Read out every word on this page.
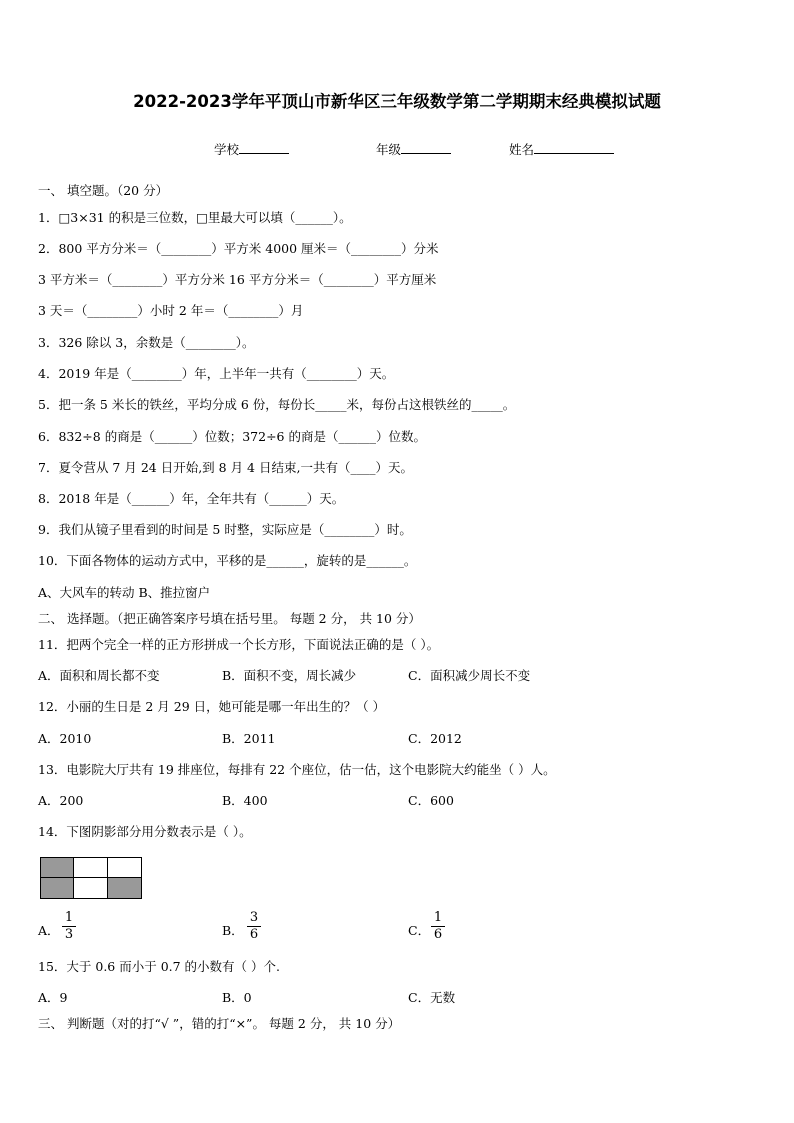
2022-2023学年平顶山市新华区三年级数学第二学期期末经典模拟试题
学校	年级	姓名
一、 填空题。（20 分）
1．□3×31 的积是三位数，□里最大可以填（______）。
2．800 平方分米＝（________）平方米 4000 厘米＝（________）分米
3 平方米＝（________）平方分米 16 平方分米＝（________）平方厘米
3 天＝（________）小时 2 年＝（________）月
3．326 除以 3，余数是（________）。
4．2019 年是（________）年，上半年一共有（________）天。
5．把一条 5 米长的铁丝，平均分成 6 份，每份长_____米，每份占这根铁丝的_____。
6．832÷8 的商是（______）位数；372÷6 的商是（______）位数。
7．夏令营从 7 月 24 日开始,到 8 月 4 日结束,一共有（____）天。
8．2018 年是（______）年，全年共有（______）天。
9．我们从镜子里看到的时间是 5 时整，实际应是（________）时。
10．下面各物体的运动方式中，平移的是______，旋转的是______。
A、大风车的转动 B、推拉窗户
二、 选择题。（把正确答案序号填在括号里。 每题 2 分， 共 10 分）
11．把两个完全一样的正方形拼成一个长方形，下面说法正确的是（ ）。
A．面积和周长都不变	B．面积不变，周长减少	C．面积减少周长不变
12．小丽的生日是 2 月 29 日，她可能是哪一年出生的？（ ）
A．2010	B．2011	C．2012
13．电影院大厅共有 19 排座位，每排有 22 个座位，估一估，这个电影院大约能坐（ ）人。
A．200	B．400	C．600
14．下图阴影部分用分数表示是（ ）。
A． $\frac{1}{3}$	B． $\frac{3}{6}$	C． $\frac{1}{6}$
15．大于 0.6 而小于 0.7 的小数有（ ）个.
A．9	B．0	C．无数
三、 判断题（对的打“√ ”，错的打“×”。 每题 2 分， 共 10 分）
